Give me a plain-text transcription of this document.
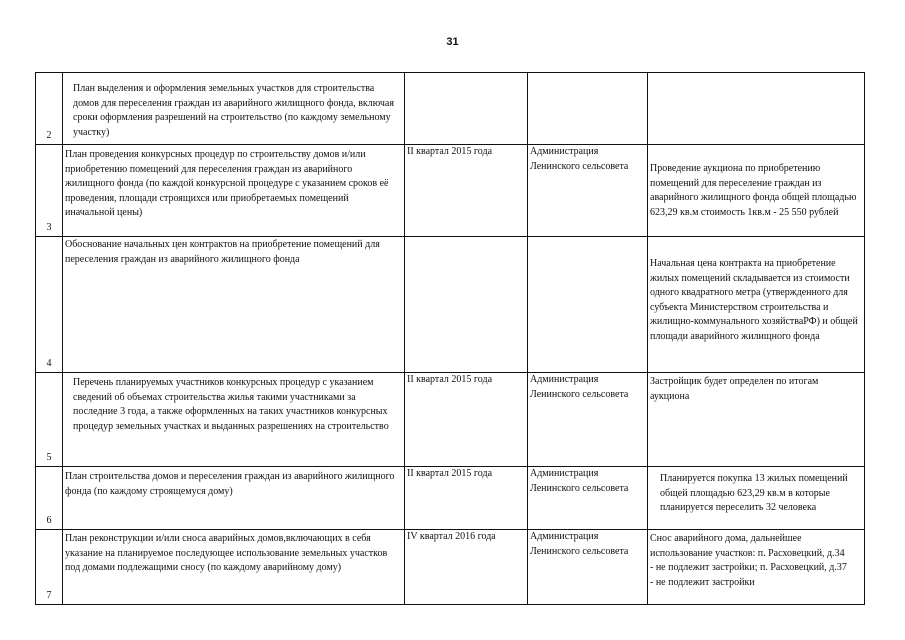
31
2	План выделения и оформления земельных участков для строительства домов для переселения граждан из аварийного жилищного фонда, включая сроки оформления разрешений на строительство (по каждому земельному участку)			

3	План проведения конкурсных процедур по строительству домов и/или приобретению помещений для переселения граждан из аварийного жилищного фонда (по каждой конкурсной процедуре с указанием сроков её проведения, площади строящихся или приобретаемых помещений иначальной цены)	II квартал 2015 года	Администрация Ленинского сельсовета	Проведение аукциона по приобретению помещений для переселение граждан из аварийного жилищного фонда общей площадью 623,29 кв.м стоимость 1кв.м - 25 550 рублей

4	Обоснование начальных цен контрактов на приобретение помещений для переселения граждан из аварийного жилищного фонда			Начальная цена контракта на приобретение жилых помещений складывается из стоимости одного квадратного метра (утвержденного для субъекта Министерством строительства и жилищно-коммунального хозяйстваРФ) и общей площади аварийного жилищного фонда

5	Перечень планируемых участников конкурсных процедур с указанием сведений об объемах строительства жилья такими участниками за последние 3 года, а также оформленных на таких участников конкурсных процедур земельных участках и выданных разрешениях на строительство	II квартал 2015 года	Администрация Ленинского сельсовета	Застройщик будет определен по итогам аукциона

6	План строительства домов и переселения граждан из аварийного жилищного фонда (по каждому строящемуся дому)	II квартал 2015 года	Администрация Ленинского сельсовета	Планируется покупка 13 жилых помещений общей площадью 623,29 кв.м в которые планируется переселить 32 человека

7	План реконструкции и/или сноса аварийных домов,включающих в себя указание на планируемое последующее использование земельных участков под домами подлежащими сносу (по каждому аварийному дому)	IV квартал 2016 года	Администрация Ленинского сельсовета	Снос аварийного дома, дальнейшее использование участков: п. Расховецкий, д.34 - не подлежит застройки; п. Расховецкий, д.37 - не подлежит застройки
